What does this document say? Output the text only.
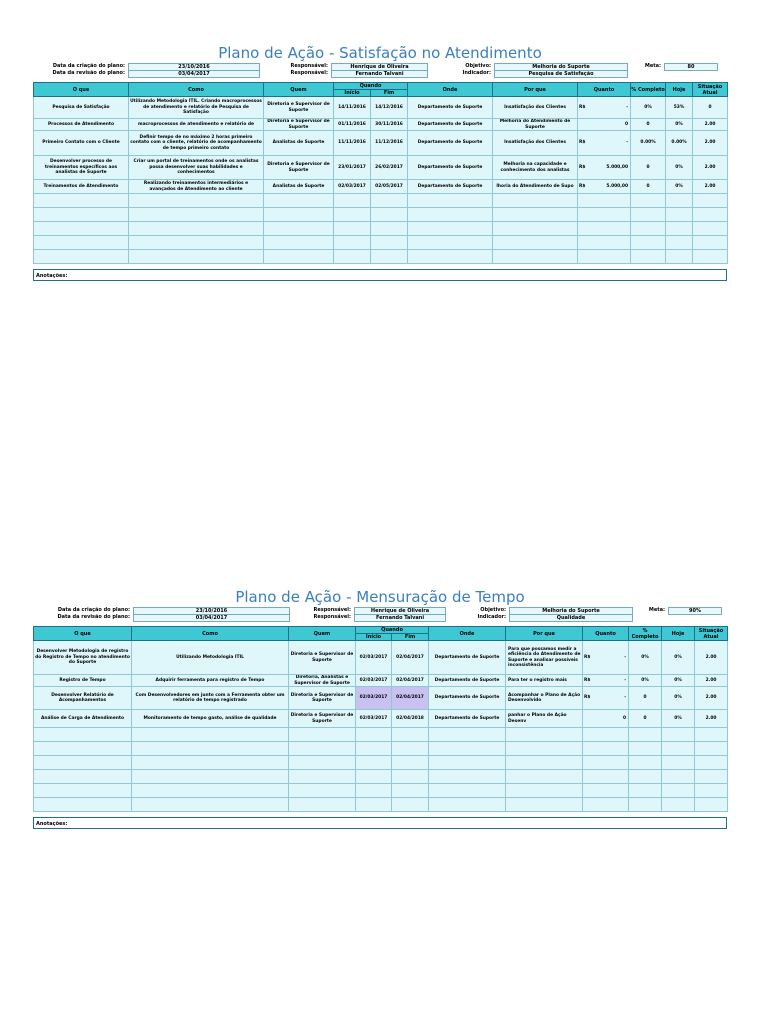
Plano de Ação - Satisfação no Atendimento
Data da criação do plano:	23/10/2016	Responsável:	Henrique de Oliveira	Objetivo:	Melhoria do Suporte	Meta:	80
Data da revisão do plano:	03/04/2017	Responsável:	Fernando Talvani	Indicador:	Pesquisa de Satisfação
O que	Como	Quem	Quando		Onde	Por que	Quanto	% Completo	Hoje	Situação Atual
			Início	Fim						
Pesquisa de Satisfação	Utilizando Metodologia ITIL. Criando macroprocessos de atendimento e relatório de Pesquisa de Satisfação	Diretoria e Supervisor de Suporte	14/11/2016	14/12/2016	Departamento de Suporte	Insatisfação dos Clientes	R$ -	0%	53%	0
Processos de Atendimento	macroprocessos de atendimento e relatório de	Diretoria e Supervisor de Suporte	01/11/2016	30/11/2016	Departamento de Suporte	Melhoria do Atendimento de Suporte	0	0	0%	2.00
Primeiro Contato com o Cliente	Definir tempo de no máximo 2 horas primeiro contato com o cliente, relatório de acompanhamento de tempo primeiro contato	Analistas de Suporte	11/11/2016	11/12/2016	Departamento de Suporte	Insatisfação dos Clientes	R$ -	0.00%	0.00%	2.00
Desenvolver processo de treinamentos específicos aos analistas de Suporte	Criar um portal de treinamentos onde os analistas possa desenvolver suas habilidades e conhecimentos	Diretoria e Supervisor de Suporte	23/01/2017	26/02/2017	Departamento de Suporte	Melhoria na capacidade e conhecimento dos analistas	R$ 5.000,00	0	0%	2.00
Treinamentos de Atendimento	Realizando treinamentos intermediários e avançados de Atendimento ao cliente	Analistas de Suporte	02/03/2017	02/05/2017	Departamento de Suporte	lhoria do Atendimento de Supo	R$ 5.000,00	0	0%	2.00

Anotações:
Plano de Ação - Mensuração de Tempo
Data da criação do plano:	23/10/2016	Responsável:	Henrique de Oliveira	Objetivo:	Melhoria do Suporte	Meta:	90%
Data da revisão do plano:	03/04/2017	Responsável:	Fernando Talvani	Indicador:	Qualidade
O que	Como	Quem	Quando		Onde	Por que	Quanto	% Completo	Hoje	Situação Atual
			Início	Fim						
Desenvolver Metodologia de registro do Registro de Tempo no atendimento do Suporte	Utilizando Metodologia ITIL	Diretoria e Supervisor de Suporte	02/03/2017	02/04/2017	Departamento de Suporte	Para que possamos medir a eficiência do Atendimento de Suporte e analisar possíveis inconsistência	R$ -	0%	0%	2.00
Registro de Tempo	Adquirir ferramenta para registro de Tempo	Diretoria, Analistas e Supervisor de Suporte	02/03/2017	02/04/2017	Departamento de Suporte	Para ter o registro mais	R$ -	0%	0%	2.00
Desenvolver Relatório de Acompanhamentos	Com Desenvolvedores em junto com a Ferramenta obter um relatório de tempo registrado	Diretoria e Supervisor de Suporte	02/03/2017	02/04/2017	Departamento de Suporte	Acompanhar o Plano de Ação Desenvolvido	R$ -	0	0%	2.00
Análise de Carga de Atendimento	Monitoramento de tempo gasto, análise de qualidade	Diretoria e Supervisor de Suporte	02/03/2017	02/04/2018	Departamento de Suporte	panhar o Plano de Ação Desenv	0	0	0%	2.00

Anotações:
